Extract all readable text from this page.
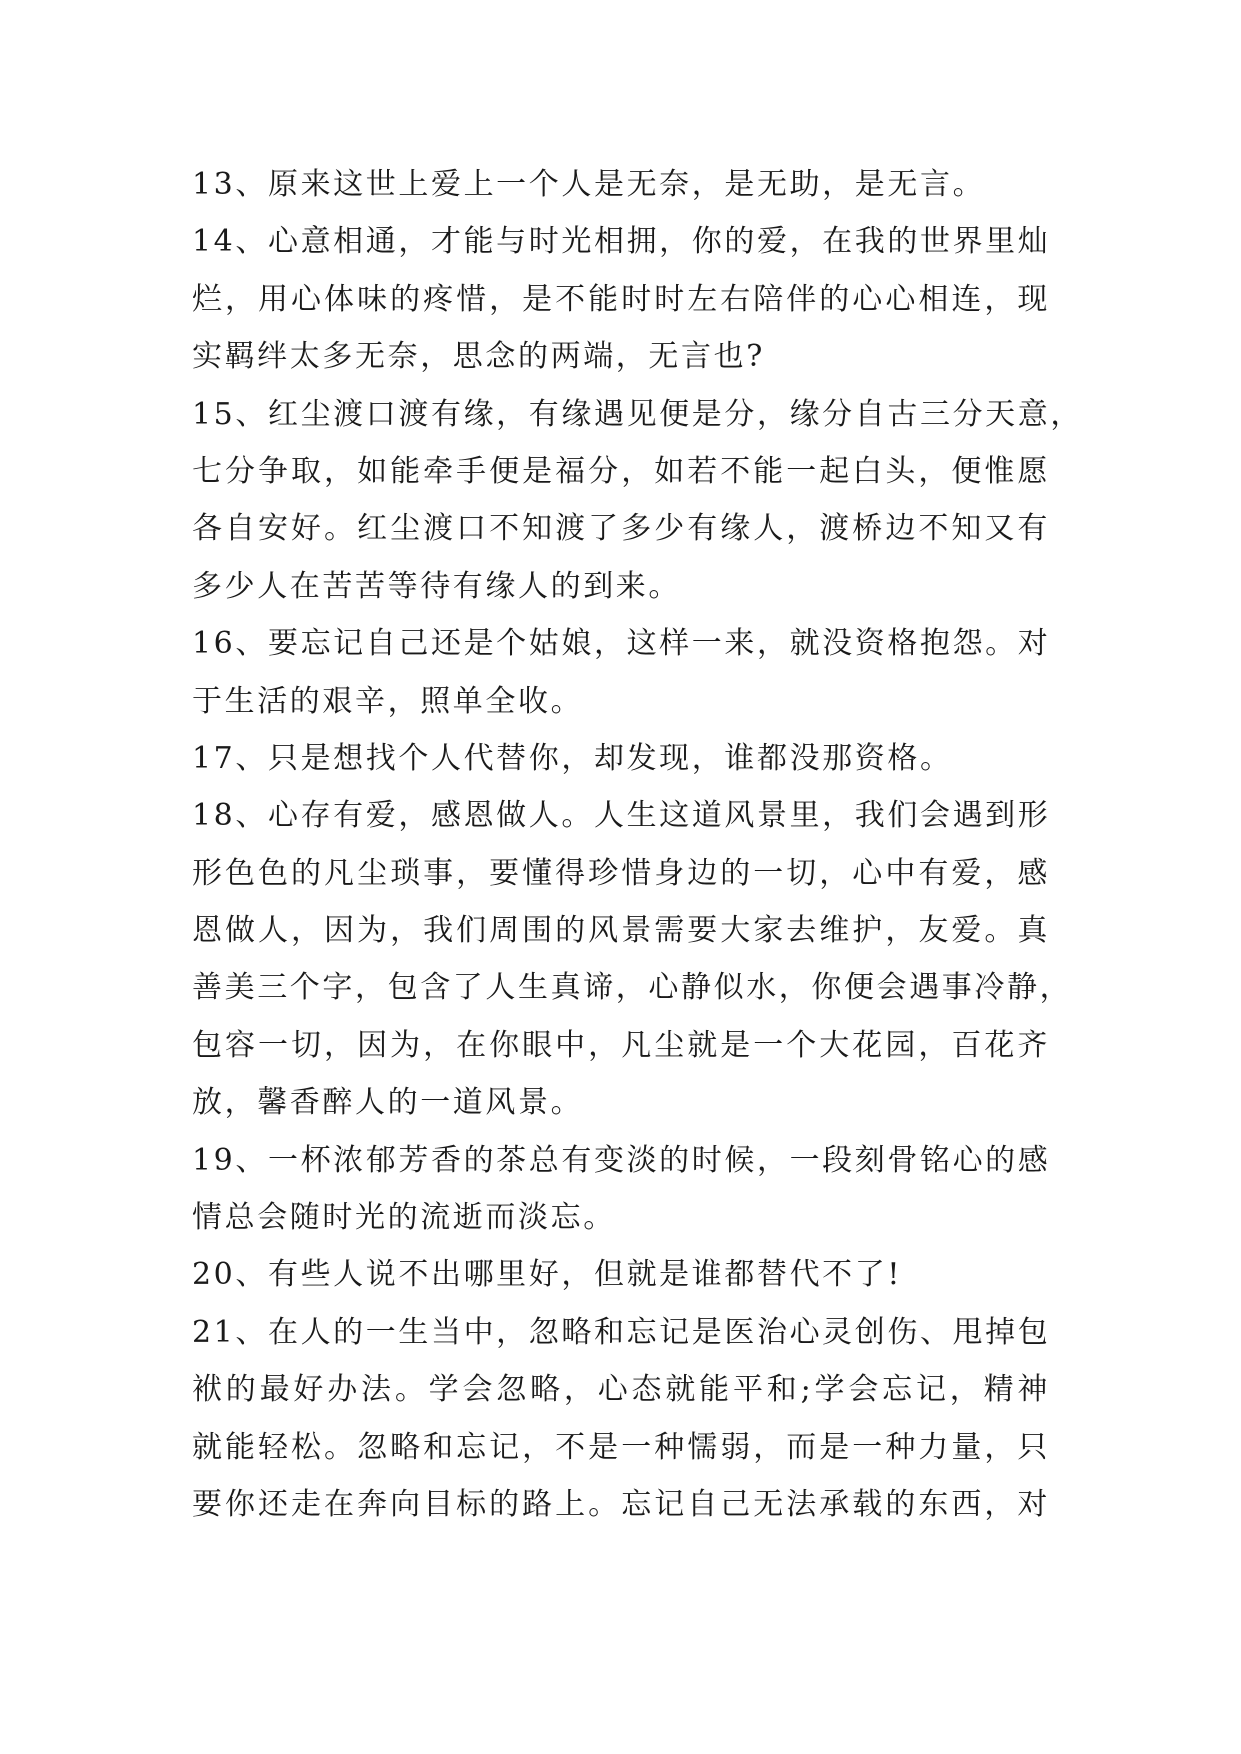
13、原来这世上爱上一个人是无奈，是无助，是无言。
14、心意相通，才能与时光相拥，你的爱，在我的世界里灿
烂，用心体味的疼惜，是不能时时左右陪伴的心心相连，现
实羁绊太多无奈，思念的两端，无言也?
15、红尘渡口渡有缘，有缘遇见便是分，缘分自古三分天意，
七分争取，如能牵手便是福分，如若不能一起白头，便惟愿
各自安好。红尘渡口不知渡了多少有缘人，渡桥边不知又有
多少人在苦苦等待有缘人的到来。
16、要忘记自己还是个姑娘，这样一来，就没资格抱怨。对
于生活的艰辛，照单全收。
17、只是想找个人代替你，却发现，谁都没那资格。
18、心存有爱，感恩做人。人生这道风景里，我们会遇到形
形色色的凡尘琐事，要懂得珍惜身边的一切，心中有爱，感
恩做人，因为，我们周围的风景需要大家去维护，友爱。真
善美三个字，包含了人生真谛，心静似水，你便会遇事冷静，
包容一切，因为，在你眼中，凡尘就是一个大花园，百花齐
放，馨香醉人的一道风景。
19、一杯浓郁芳香的茶总有变淡的时候，一段刻骨铭心的感
情总会随时光的流逝而淡忘。
20、有些人说不出哪里好，但就是谁都替代不了!
21、在人的一生当中，忽略和忘记是医治心灵创伤、甩掉包
袱的最好办法。学会忽略，心态就能平和;学会忘记，精神
就能轻松。忽略和忘记，不是一种懦弱，而是一种力量，只
要你还走在奔向目标的路上。忘记自己无法承载的东西，对
